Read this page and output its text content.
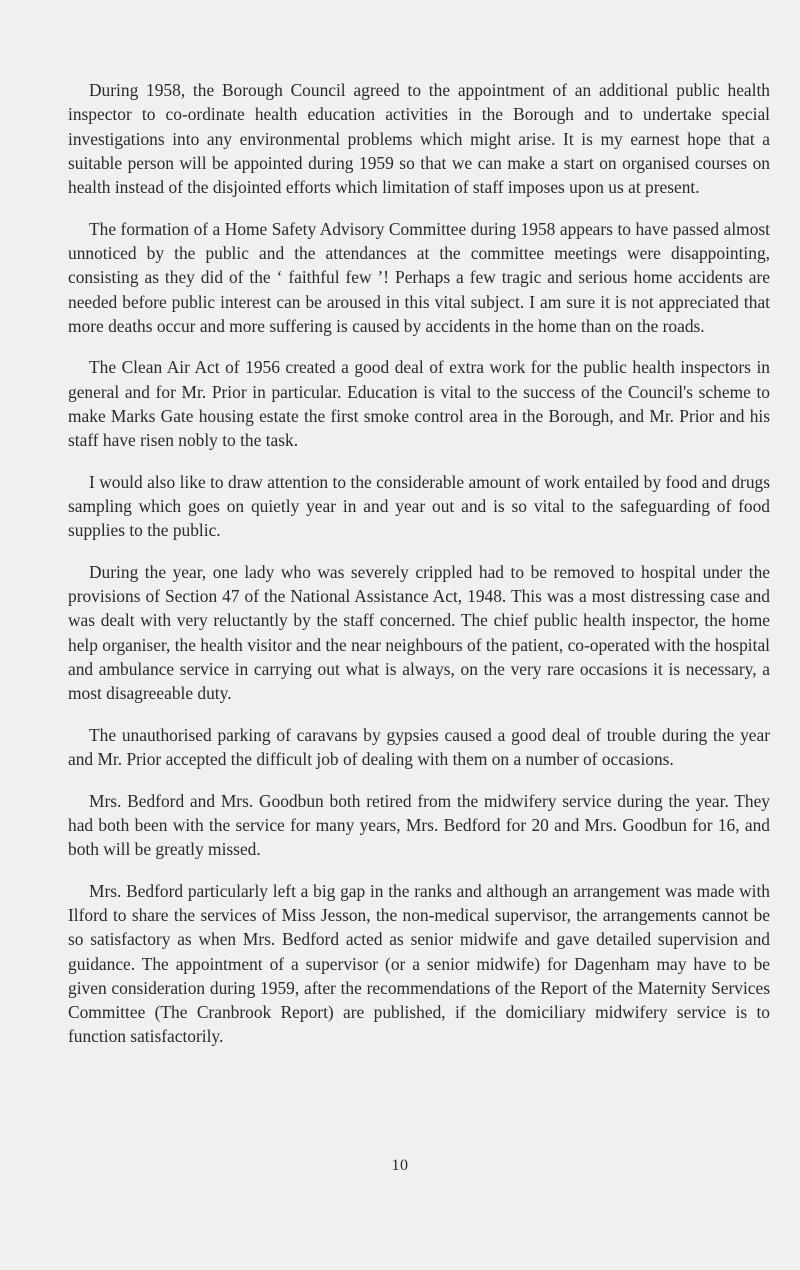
During 1958, the Borough Council agreed to the appointment of an additional public health inspector to co-ordinate health education activities in the Borough and to undertake special investigations into any environmental problems which might arise. It is my earnest hope that a suitable person will be appointed during 1959 so that we can make a start on organised courses on health instead of the disjointed efforts which limitation of staff imposes upon us at present.

The formation of a Home Safety Advisory Committee during 1958 appears to have passed almost unnoticed by the public and the attendances at the committee meetings were disappointing, consisting as they did of the ‘ faithful few ’! Perhaps a few tragic and serious home accidents are needed before public interest can be aroused in this vital subject. I am sure it is not appreciated that more deaths occur and more suffering is caused by accidents in the home than on the roads.

The Clean Air Act of 1956 created a good deal of extra work for the public health inspectors in general and for Mr. Prior in particular. Education is vital to the success of the Council's scheme to make Marks Gate housing estate the first smoke control area in the Borough, and Mr. Prior and his staff have risen nobly to the task.

I would also like to draw attention to the considerable amount of work entailed by food and drugs sampling which goes on quietly year in and year out and is so vital to the safeguarding of food supplies to the public.

During the year, one lady who was severely crippled had to be removed to hospital under the provisions of Section 47 of the National Assistance Act, 1948. This was a most distressing case and was dealt with very reluctantly by the staff concerned. The chief public health inspector, the home help organiser, the health visitor and the near neighbours of the patient, co-operated with the hospital and ambulance service in carrying out what is always, on the very rare occasions it is necessary, a most disagreeable duty.

The unauthorised parking of caravans by gypsies caused a good deal of trouble during the year and Mr. Prior accepted the difficult job of dealing with them on a number of occasions.

Mrs. Bedford and Mrs. Goodbun both retired from the midwifery service during the year. They had both been with the service for many years, Mrs. Bedford for 20 and Mrs. Goodbun for 16, and both will be greatly missed.

Mrs. Bedford particularly left a big gap in the ranks and although an arrangement was made with Ilford to share the services of Miss Jesson, the non-medical supervisor, the arrangements cannot be so satisfactory as when Mrs. Bedford acted as senior midwife and gave detailed supervision and guidance. The appointment of a supervisor (or a senior midwife) for Dagenham may have to be given consideration during 1959, after the recommendations of the Report of the Maternity Services Committee (The Cranbrook Report) are published, if the domiciliary midwifery service is to function satisfactorily.

10
